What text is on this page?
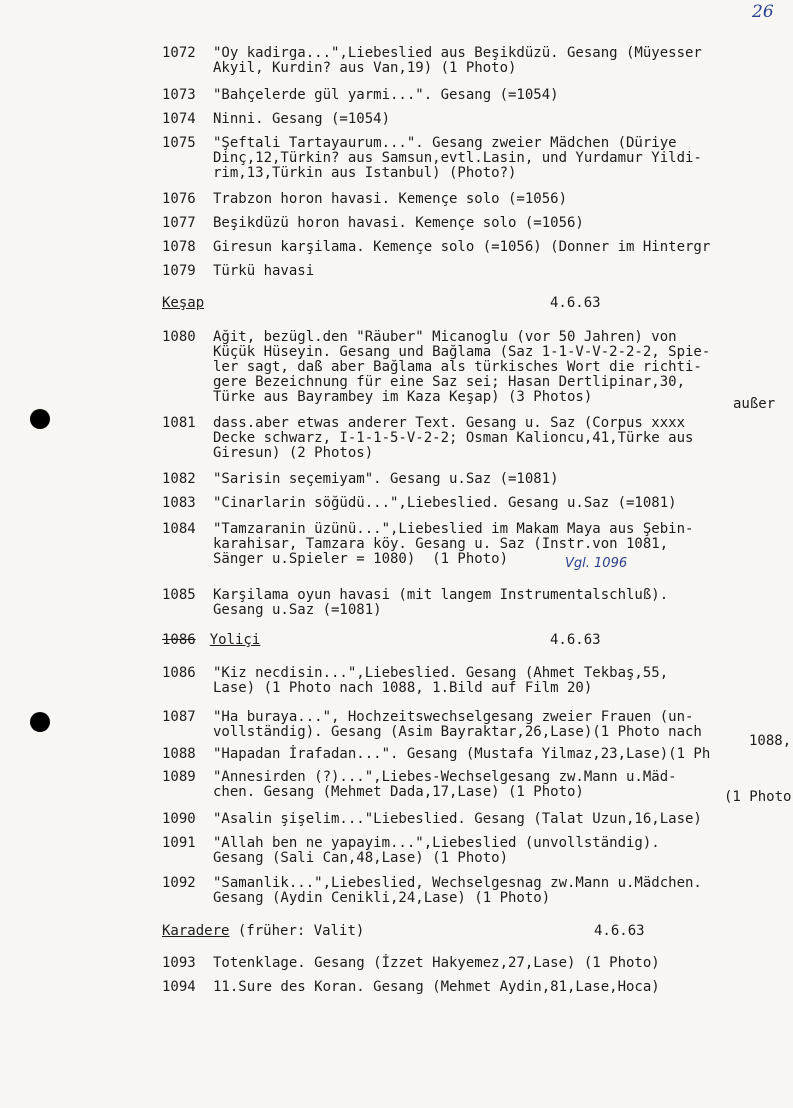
26
1072 "Oy kadirga...",Liebeslied aus Beşikdüzü. Gesang (Müyesser
Akyil, Kurdin? aus Van,19) (1 Photo)
1073 "Bahçelerde gül yarmi...". Gesang (=1054)
1074 Ninni. Gesang (=1054)
1075 "Şeftali Tartayaurum...". Gesang zweier Mädchen (Düriye
Dinç,12,Türkin? aus Samsun,evtl.Lasin, und Yurdamur Yildi-
rim,13,Türkin aus Istanbul) (Photo?)
1076 Trabzon horon havasi. Kemençe solo (=1056)
1077 Beşikdüzü horon havasi. Kemençe solo (=1056)
1078 Giresun karşilama. Kemençe solo (=1056) (Donner im Hintergr
1079 Türkü havasi
Keşap	4.6.63
1080 Ağit, bezügl.den "Räuber" Micanoglu (vor 50 Jahren) von
Küçük Hüseyin. Gesang und Bağlama (Saz 1-1-V-V-2-2-2, Spie-
ler sagt, daß aber Bağlama als türkisches Wort die richti-
gere Bezeichnung für eine Saz sei; Hasan Dertlipinar,30,
Türke aus Bayrambey im Kaza Keşap) (3 Photos)	außer
1081 dass.aber etwas anderer Text. Gesang u. Saz (Corpus xxxx
Decke schwarz, I-1-1-5-V-2-2; Osman Kalioncu,41,Türke aus
Giresun) (2 Photos)
1082 "Sarisin seçemiyam". Gesang u.Saz (=1081)
1083 "Cinarlarin söğüdü...",Liebeslied. Gesang u.Saz (=1081)
1084 "Tamzaranin üzünü...",Liebeslied im Makam Maya aus Şebin-
karahisar, Tamzara köy. Gesang u. Saz (Instr.von 1081,
Sänger u.Spieler = 1080)  (1 Photo)	Vgl. 1096
1085 Karşilama oyun havasi (mit langem Instrumentalschluß).
Gesang u.Saz (=1081)
1086 Yoliçi	4.6.63
1086 "Kiz necdisin...",Liebeslied. Gesang (Ahmet Tekbaş,55,
Lase) (1 Photo nach 1088, 1.Bild auf Film 20)
1087 "Ha buraya...", Hochzeitswechselgesang zweier Frauen (un-
vollständig). Gesang (Asim Bayraktar,26,Lase)(1 Photo nach
1088,
1088 "Hapadan İrafadan...". Gesang (Mustafa Yilmaz,23,Lase)(1 Ph
1089 "Annesirden (?)...",Liebes-Wechselgesang zw.Mann u.Mäd-
chen. Gesang (Mehmet Dada,17,Lase) (1 Photo)	(1 Photo
1090 "Asalin şişelim..."Liebeslied. Gesang (Talat Uzun,16,Lase)
1091 "Allah ben ne yapayim...",Liebeslied (unvollständig).
Gesang (Sali Can,48,Lase) (1 Photo)
1092 "Samanlik...",Liebeslied, Wechselgesnag zw.Mann u.Mädchen.
Gesang (Aydin Cenikli,24,Lase) (1 Photo)
Karadere (früher: Valit)	4.6.63
1093 Totenklage. Gesang (İzzet Hakyemez,27,Lase) (1 Photo)
1094 11.Sure des Koran. Gesang (Mehmet Aydin,81,Lase,Hoca)
